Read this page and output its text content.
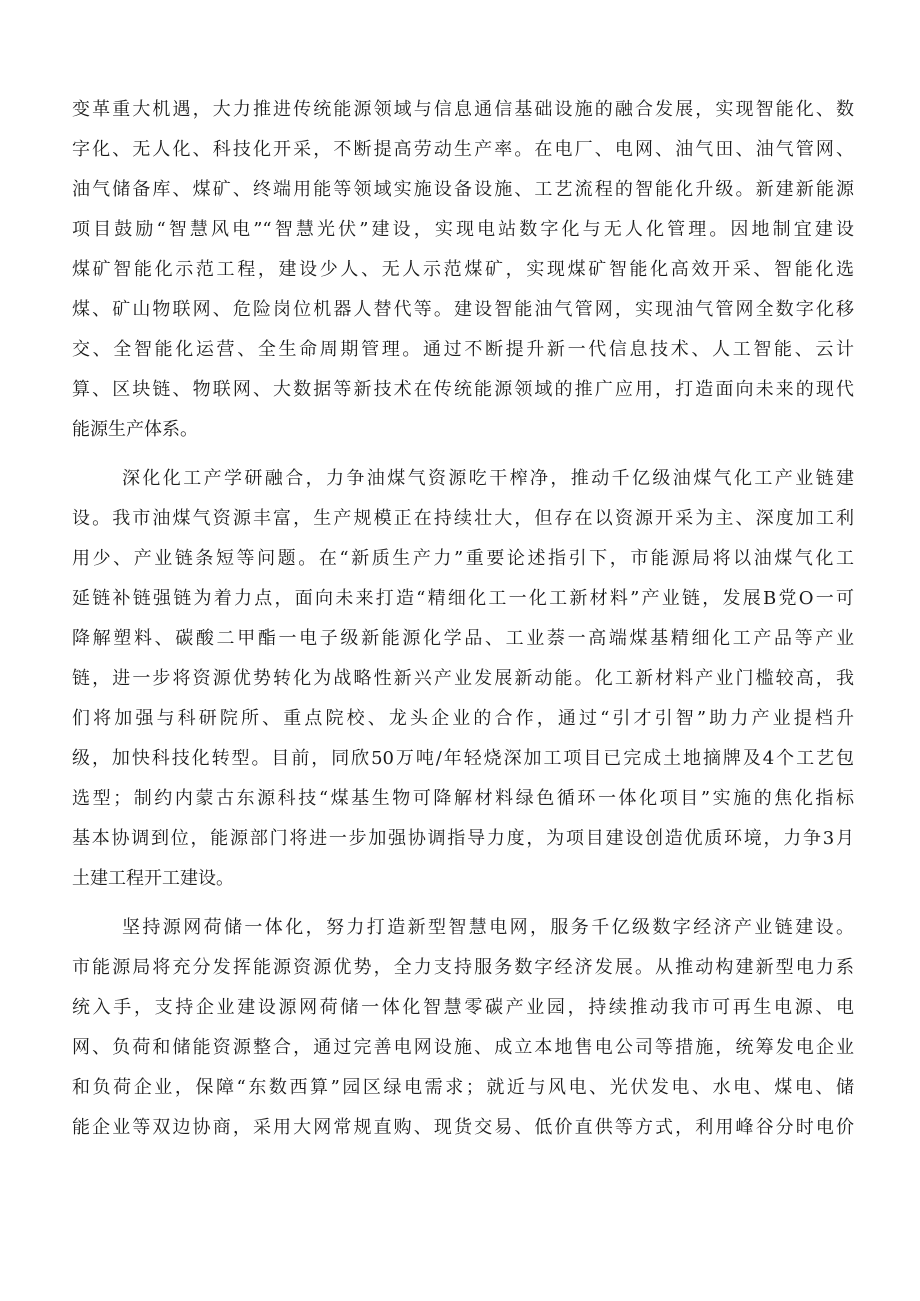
变革重大机遇，大力推进传统能源领域与信息通信基础设施的融合发展，实现智能化、数
字化、无人化、科技化开采，不断提高劳动生产率。在电厂、电网、油气田、油气管网、
油气储备库、煤矿、终端用能等领域实施设备设施、工艺流程的智能化升级。新建新能源
项目鼓励“智慧风电”“智慧光伏”建设，实现电站数字化与无人化管理。因地制宜建设
煤矿智能化示范工程，建设少人、无人示范煤矿，实现煤矿智能化高效开采、智能化选
煤、矿山物联网、危险岗位机器人替代等。建设智能油气管网，实现油气管网全数字化移
交、全智能化运营、全生命周期管理。通过不断提升新一代信息技术、人工智能、云计
算、区块链、物联网、大数据等新技术在传统能源领域的推广应用，打造面向未来的现代
能源生产体系。
深化化工产学研融合，力争油煤气资源吃干榨净，推动千亿级油煤气化工产业链建
设。我市油煤气资源丰富，生产规模正在持续壮大，但存在以资源开采为主、深度加工利
用少、产业链条短等问题。在“新质生产力”重要论述指引下，市能源局将以油煤气化工
延链补链强链为着力点，面向未来打造“精细化工一化工新材料”产业链，发展B党O一可
降解塑料、碳酸二甲酯一电子级新能源化学品、工业萘一高端煤基精细化工产品等产业
链，进一步将资源优势转化为战略性新兴产业发展新动能。化工新材料产业门槛较高，我
们将加强与科研院所、重点院校、龙头企业的合作，通过“引才引智”助力产业提档升
级，加快科技化转型。目前，同欣50万吨/年轻烧深加工项目已完成土地摘牌及4个工艺包
选型；制约内蒙古东源科技“煤基生物可降解材料绿色循环一体化项目”实施的焦化指标
基本协调到位，能源部门将进一步加强协调指导力度，为项目建设创造优质环境，力争3月
土建工程开工建设。
坚持源网荷储一体化，努力打造新型智慧电网，服务千亿级数字经济产业链建设。
市能源局将充分发挥能源资源优势，全力支持服务数字经济发展。从推动构建新型电力系
统入手，支持企业建设源网荷储一体化智慧零碳产业园，持续推动我市可再生电源、电
网、负荷和储能资源整合，通过完善电网设施、成立本地售电公司等措施，统筹发电企业
和负荷企业，保障“东数西算”园区绿电需求；就近与风电、光伏发电、水电、煤电、储
能企业等双边协商，采用大网常规直购、现货交易、低价直供等方式，利用峰谷分时电价
